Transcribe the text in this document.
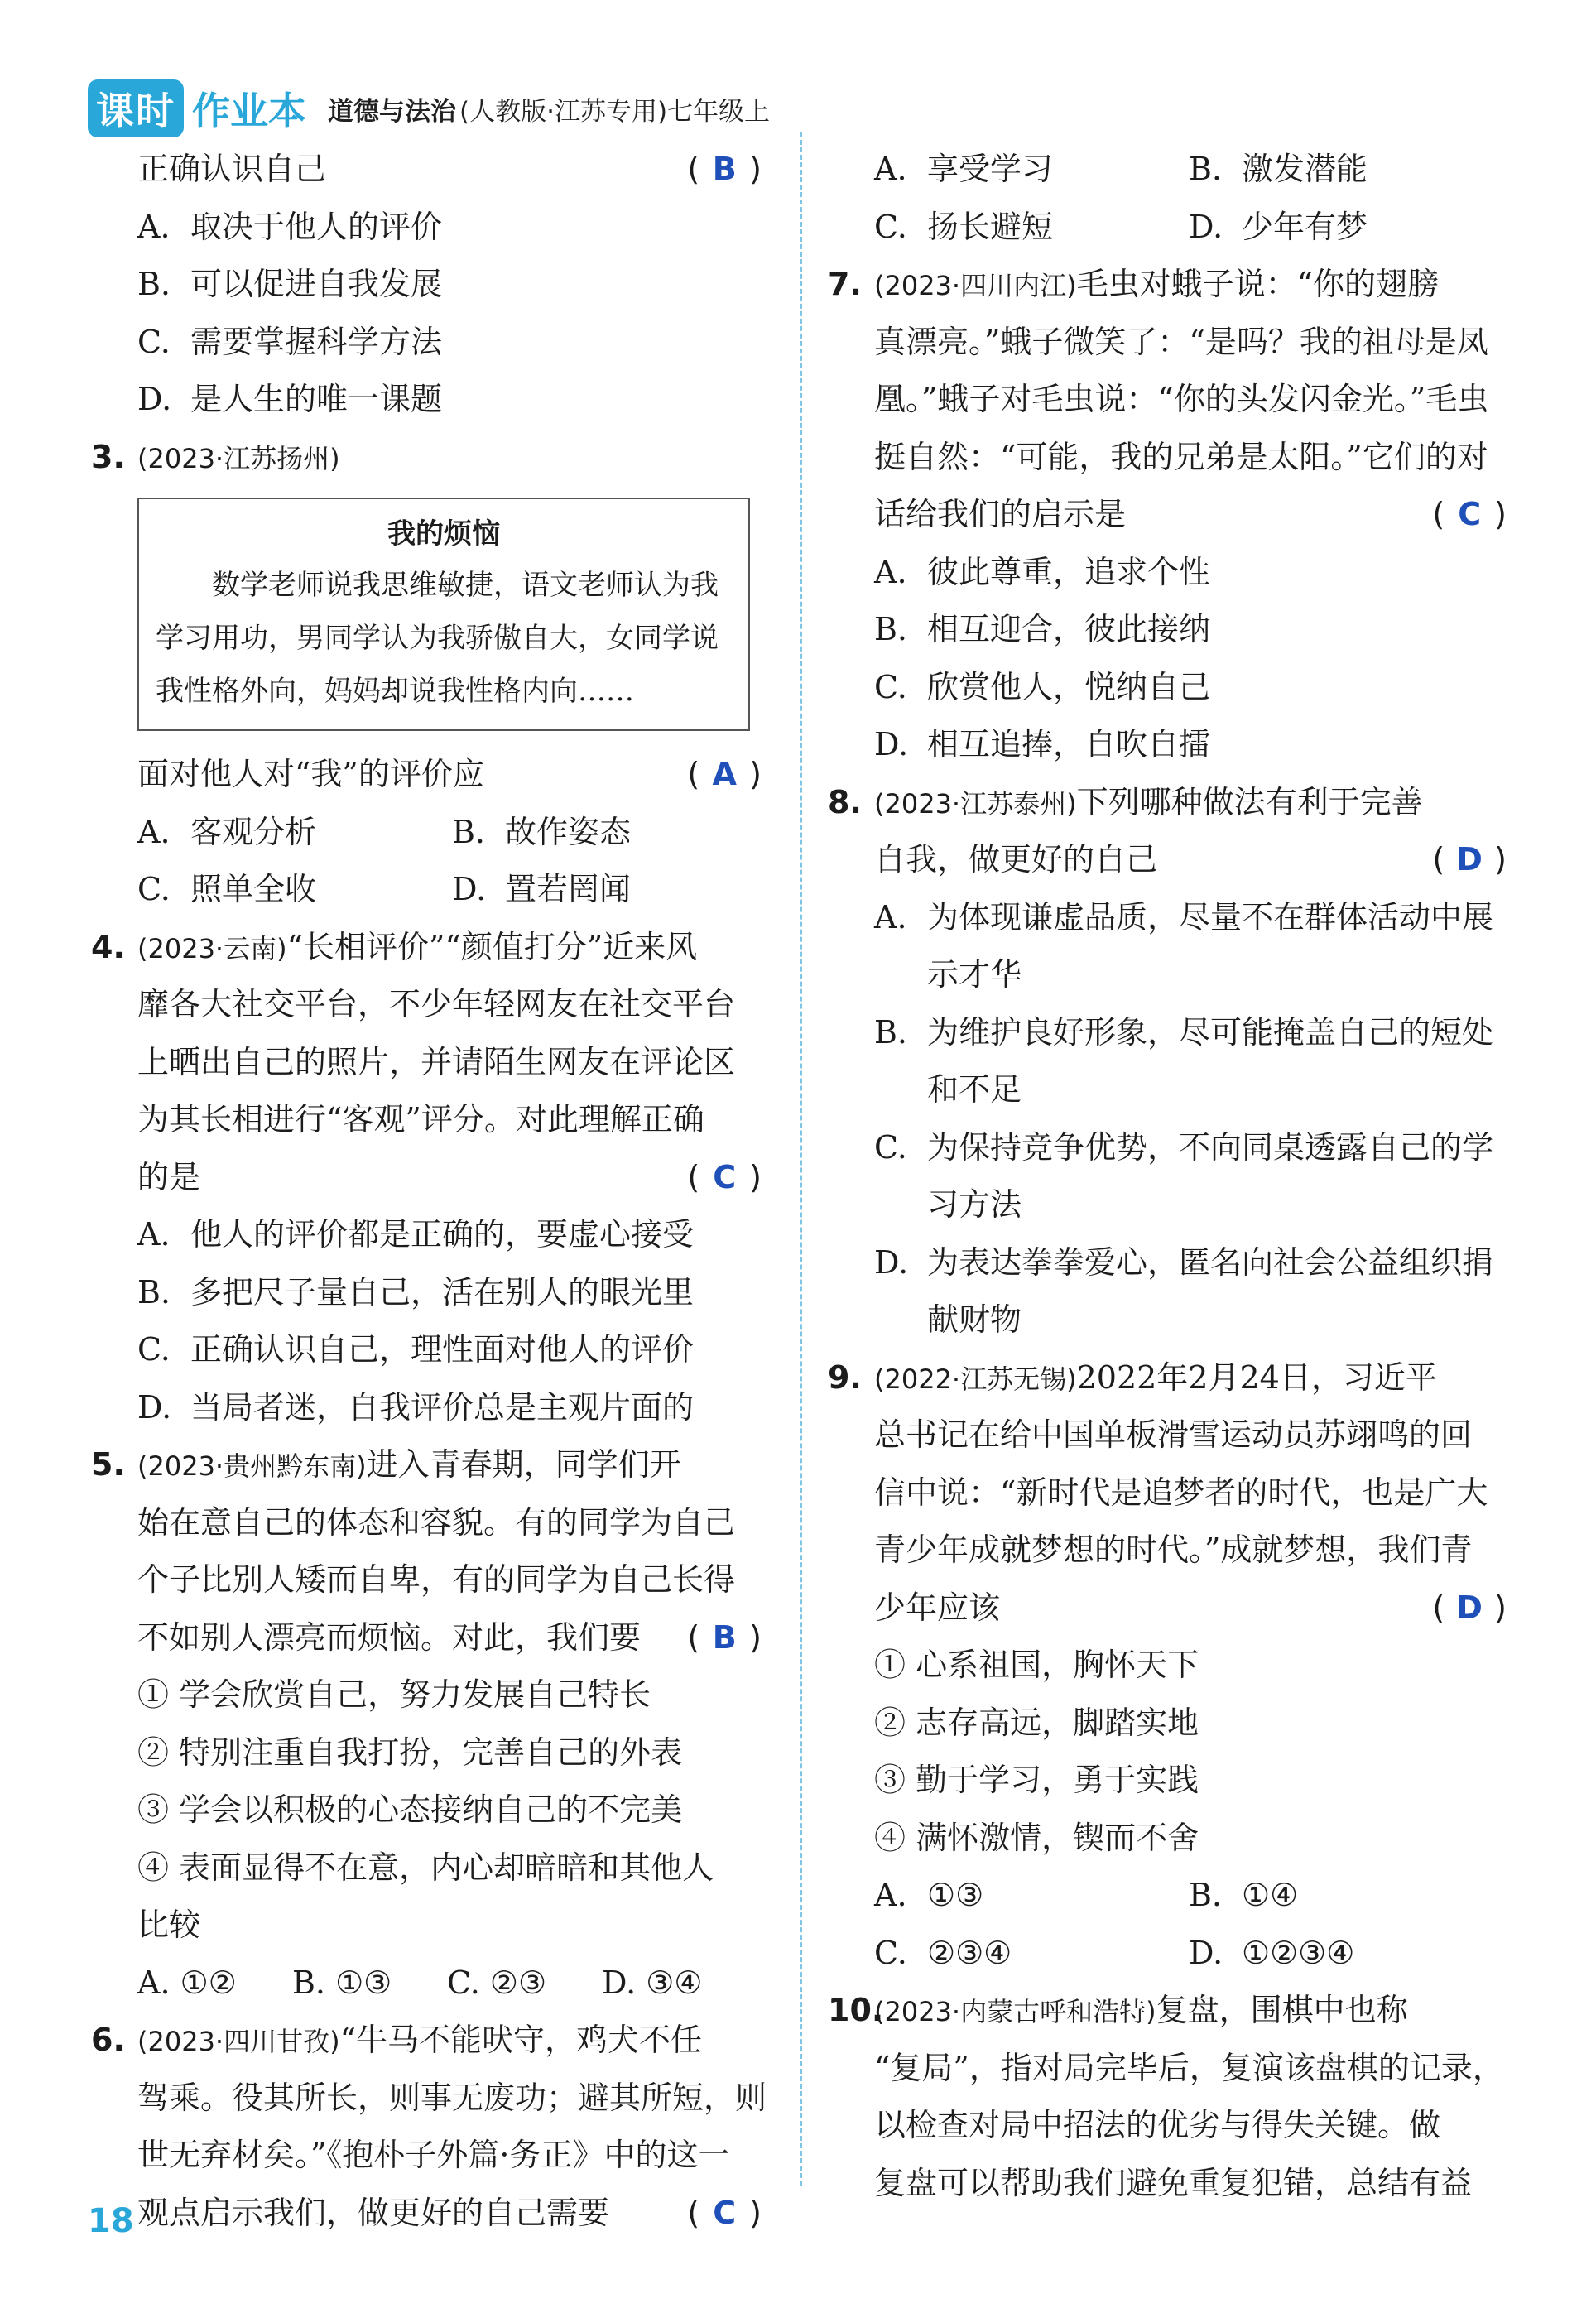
课时 作业本 道德与法治 (人教版·江苏专用)七年级上
正确认识自己	( B )
A. 取决于他人的评价
B. 可以促进自我发展
C. 需要掌握科学方法
D. 是人生的唯一课题
3. (2023·江苏扬州)
我的烦恼
数学老师说我思维敏捷，语文老师认为我学习用功，男同学认为我骄傲自大，女同学说我性格外向，妈妈却说我性格内向……
面对他人对“我”的评价应	( A )
A. 客观分析	B. 故作姿态
C. 照单全收	D. 置若罔闻
4. (2023·云南)“长相评价”“颜值打分”近来风
靡各大社交平台，不少年轻网友在社交平台
上晒出自己的照片，并请陌生网友在评论区
为其长相进行“客观”评分。对此理解正确
的是	( C )
A. 他人的评价都是正确的，要虚心接受
B. 多把尺子量自己，活在别人的眼光里
C. 正确认识自己，理性面对他人的评价
D. 当局者迷，自我评价总是主观片面的
5. (2023·贵州黔东南)进入青春期，同学们开
始在意自己的体态和容貌。有的同学为自己
个子比别人矮而自卑，有的同学为自己长得
不如别人漂亮而烦恼。对此，我们要 ( B )
① 学会欣赏自己，努力发展自己特长
② 特别注重自我打扮，完善自己的外表
③ 学会以积极的心态接纳自己的不完美
④ 表面显得不在意，内心却暗暗和其他人
比较
A. ①②	B. ①③	C. ②③	D. ③④
6. (2023·四川甘孜)“牛马不能吠守，鸡犬不任
驾乘。役其所长，则事无废功；避其所短，则
世无弃材矣。”《抱朴子外篇·务正》中的这一
观点启示我们，做更好的自己需要 ( C )
A. 享受学习	B. 激发潜能
C. 扬长避短	D. 少年有梦
7. (2023·四川内江)毛虫对蛾子说：“你的翅膀
真漂亮。”蛾子微笑了：“是吗？我的祖母是凤
凰。”蛾子对毛虫说：“你的头发闪金光。”毛虫
挺自然：“可能，我的兄弟是太阳。”它们的对
话给我们的启示是	( C )
A. 彼此尊重，追求个性
B. 相互迎合，彼此接纳
C. 欣赏他人，悦纳自己
D. 相互追捧，自吹自擂
8. (2023·江苏泰州)下列哪种做法有利于完善
自我，做更好的自己	( D )
A. 为体现谦虚品质，尽量不在群体活动中展
示才华
B. 为维护良好形象，尽可能掩盖自己的短处
和不足
C. 为保持竞争优势，不向同桌透露自己的学
习方法
D. 为表达拳拳爱心，匿名向社会公益组织捐
献财物
9. (2022·江苏无锡)2022年2月24日，习近平
总书记在给中国单板滑雪运动员苏翊鸣的回
信中说：“新时代是追梦者的时代，也是广大
青少年成就梦想的时代。”成就梦想，我们青
少年应该	( D )
① 心系祖国，胸怀天下
② 志存高远，脚踏实地
③ 勤于学习，勇于实践
④ 满怀激情，锲而不舍
A. ①③	B. ①④
C. ②③④	D. ①②③④
10.
(2023·内蒙古呼和浩特)复盘，围棋中也称
“复局”，指对局完毕后，复演该盘棋的记录，
以检查对局中招法的优劣与得失关键。做
复盘可以帮助我们避免重复犯错，总结有益
18
